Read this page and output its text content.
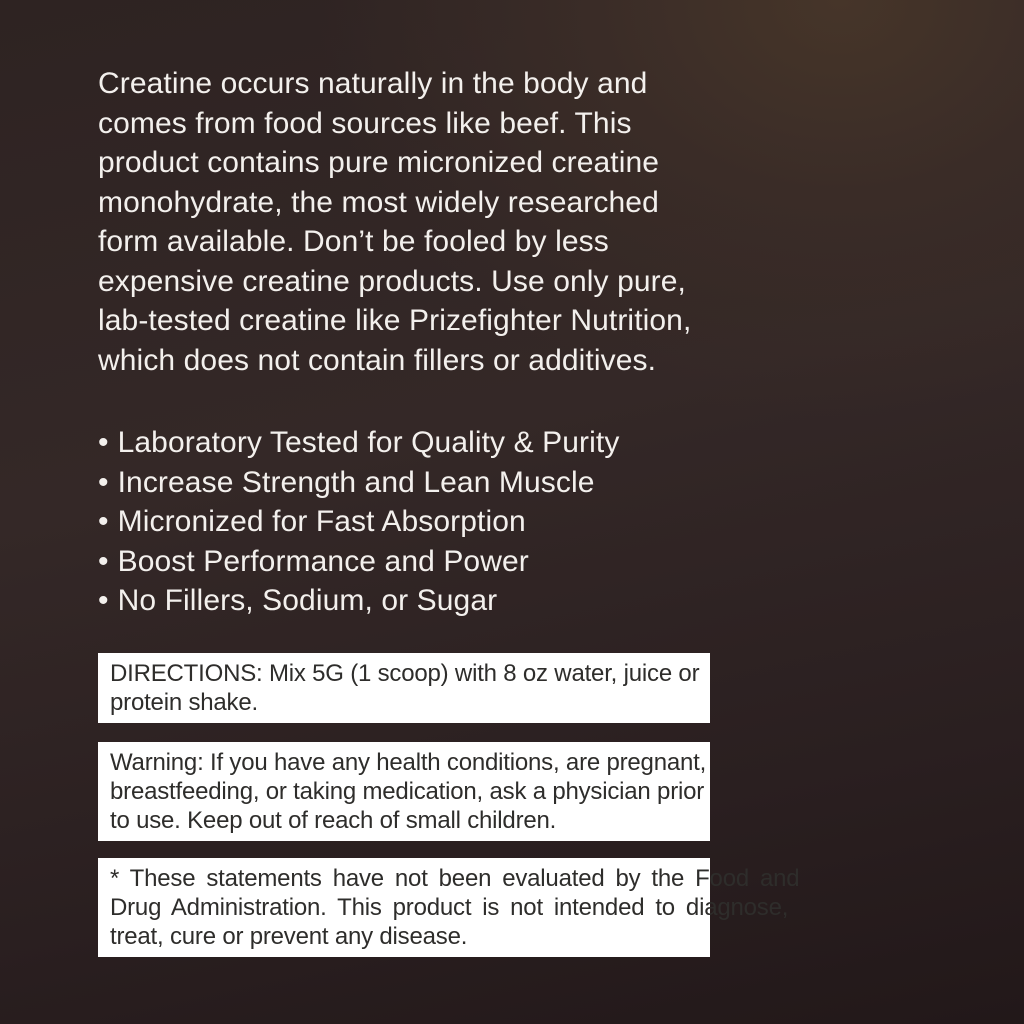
Creatine occurs naturally in the body and
comes from food sources like beef. This
product contains pure micronized creatine
monohydrate, the most widely researched
form available. Don’t be fooled by less
expensive creatine products. Use only pure,
lab-tested creatine like Prizefighter Nutrition,
which does not contain fillers or additives.
• Laboratory Tested for Quality & Purity
• Increase Strength and Lean Muscle
• Micronized for Fast Absorption
• Boost Performance and Power
• No Fillers, Sodium, or Sugar
DIRECTIONS: Mix 5G (1 scoop) with 8 oz water, juice or
protein shake.
Warning: If you have any health conditions, are pregnant,
breastfeeding, or taking medication, ask a physician prior
to use. Keep out of reach of small children.
* These statements have not been evaluated by the Food and
Drug Administration. This product is not intended to diagnose,
treat, cure or prevent any disease.
